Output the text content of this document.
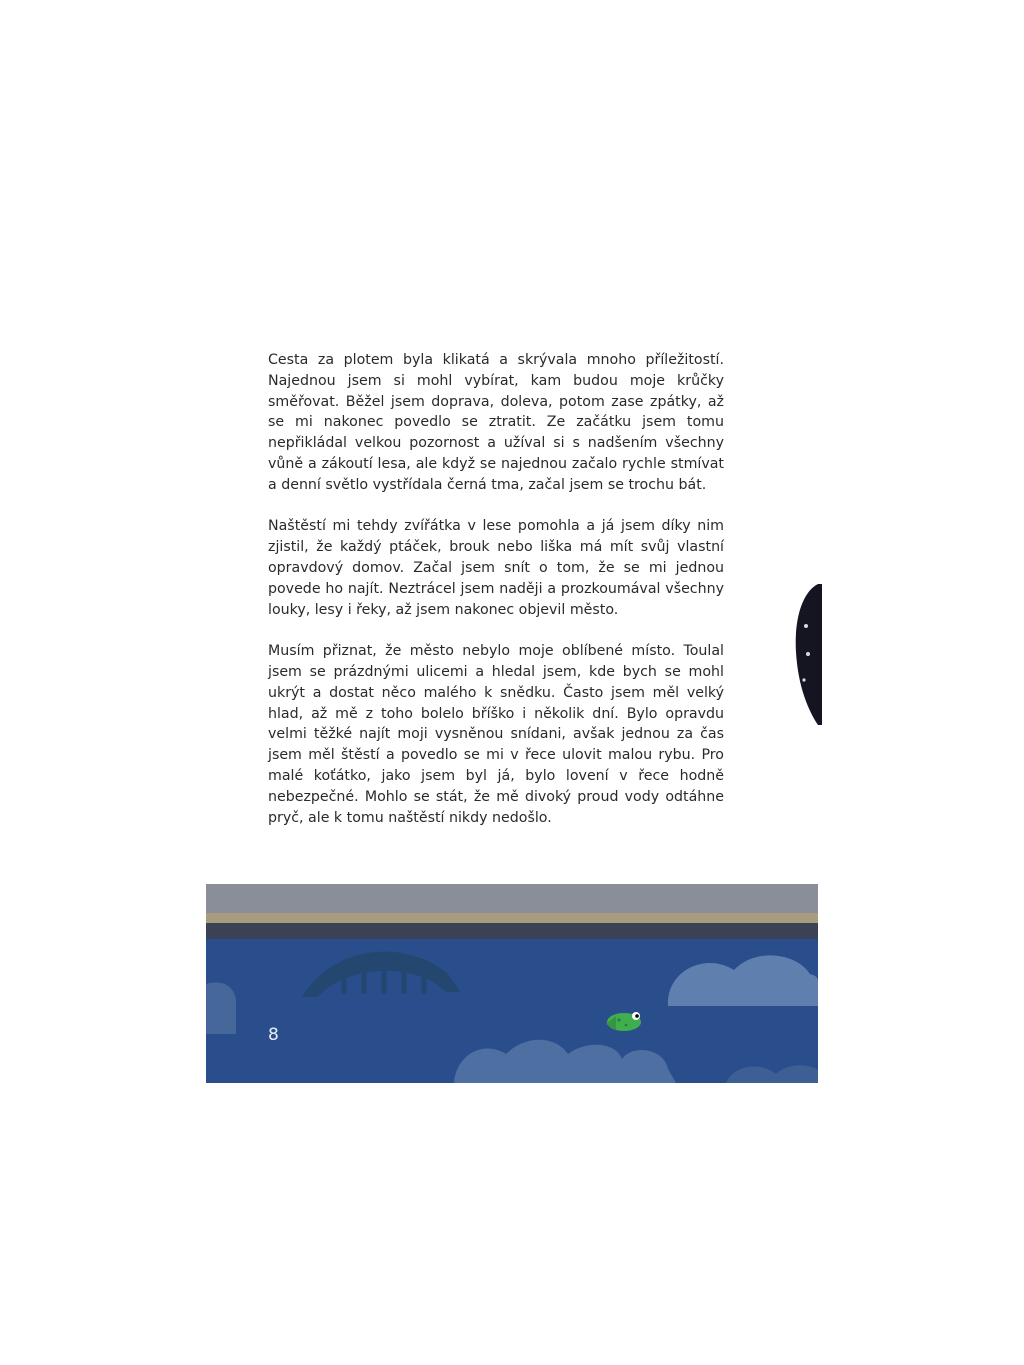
Cesta za plotem byla klikatá a skrývala mnoho příležitostí. Najednou jsem si mohl vybírat, kam budou moje krůčky směřovat. Běžel jsem doprava, doleva, potom zase zpátky, až se mi nakonec povedlo se ztratit. Ze začátku jsem tomu nepřikládal velkou pozornost a užíval si s nadšením všechny vůně a zákoutí lesa, ale když se najednou začalo rychle stmívat a denní světlo vystřídala černá tma, začal jsem se trochu bát.

Naštěstí mi tehdy zvířátka v lese pomohla a já jsem díky nim zjistil, že každý ptáček, brouk nebo liška má mít svůj vlastní opravdový domov. Začal jsem snít o tom, že se mi jednou povede ho najít. Neztrácel jsem naději a prozkoumával všechny louky, lesy i řeky, až jsem nakonec objevil město.

Musím přiznat, že město nebylo moje oblíbené místo. Toulal jsem se prázdnými ulicemi a hledal jsem, kde bych se mohl ukrýt a dostat něco malého k snědku. Často jsem měl velký hlad, až mě z toho bolelo bříško i několik dní. Bylo opravdu velmi těžké najít moji vysněnou snídani, avšak jednou za čas jsem měl štěstí a povedlo se mi v řece ulovit malou rybu. Pro malé koťátko, jako jsem byl já, bylo lovení v řece hodně nebezpečné. Mohlo se stát, že mě divoký proud vody odtáhne pryč, ale k tomu naštěstí nikdy nedošlo.

8
